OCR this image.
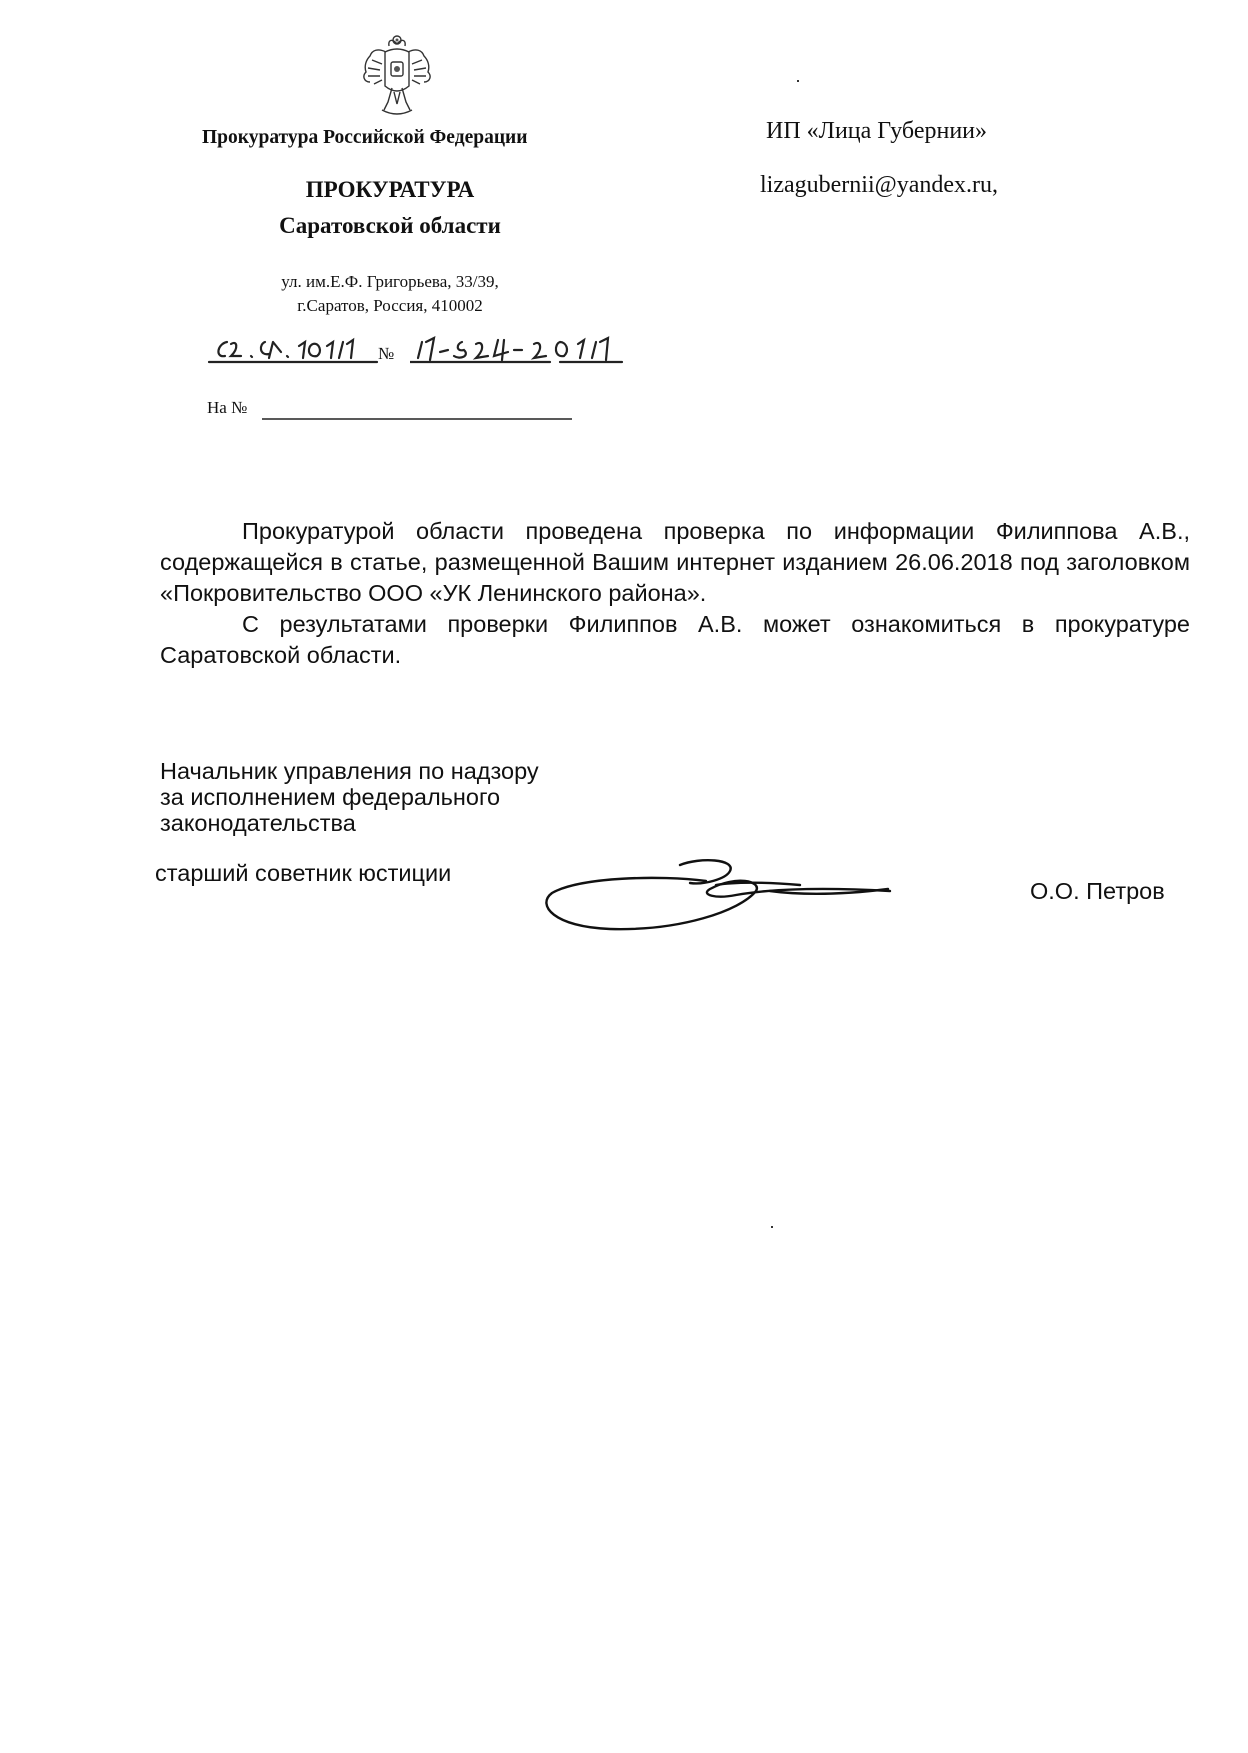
Прокуратура Российской Федерации
ПРОКУРАТУРА
Саратовской области
ул. им.Е.Ф. Григорьева, 33/39,
г.Саратов, Россия, 410002
№
На №
ИП «Лица Губернии»
lizagubernii@yandex.ru,

Прокуратурой области проведена проверка по информации Филиппова А.В., содержащейся в статье, размещенной Вашим интернет изданием 26.06.2018 под заголовком «Покровительство ООО «УК Ленинского района».

С результатами проверки Филиппов А.В. может ознакомиться в прокуратуре Саратовской области.

Начальник управления по надзору
за исполнением федерального
законодательства
старший советник юстиции
О.О. Петров
